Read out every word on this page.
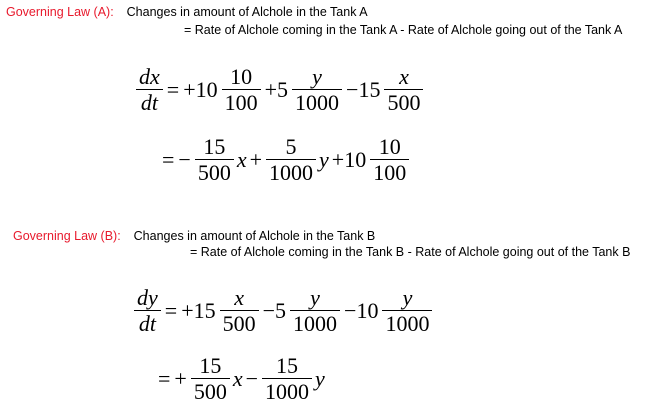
Governing Law (A): Changes in amount of Alchole in the Tank A
= Rate of Alchole coming in the Tank A - Rate of Alchole going out of the Tank A
$\frac{dx}{dt} = +10 \frac{10}{100} +5 \frac{y}{1000} -15 \frac{x}{500}$
= − $\frac{15}{500}$ $x + \frac{5}{1000}$ $y +10 \frac{10}{100}$
Governing Law (B): Changes in amount of Alchole in the Tank B
= Rate of Alchole coming in the Tank B - Rate of Alchole going out of the Tank B
$\frac{dy}{dt} = +15 \frac{x}{500} -5 \frac{y}{1000} -10 \frac{y}{1000}$
= + $\frac{15}{500}$ $x - \frac{15}{1000}$ y
